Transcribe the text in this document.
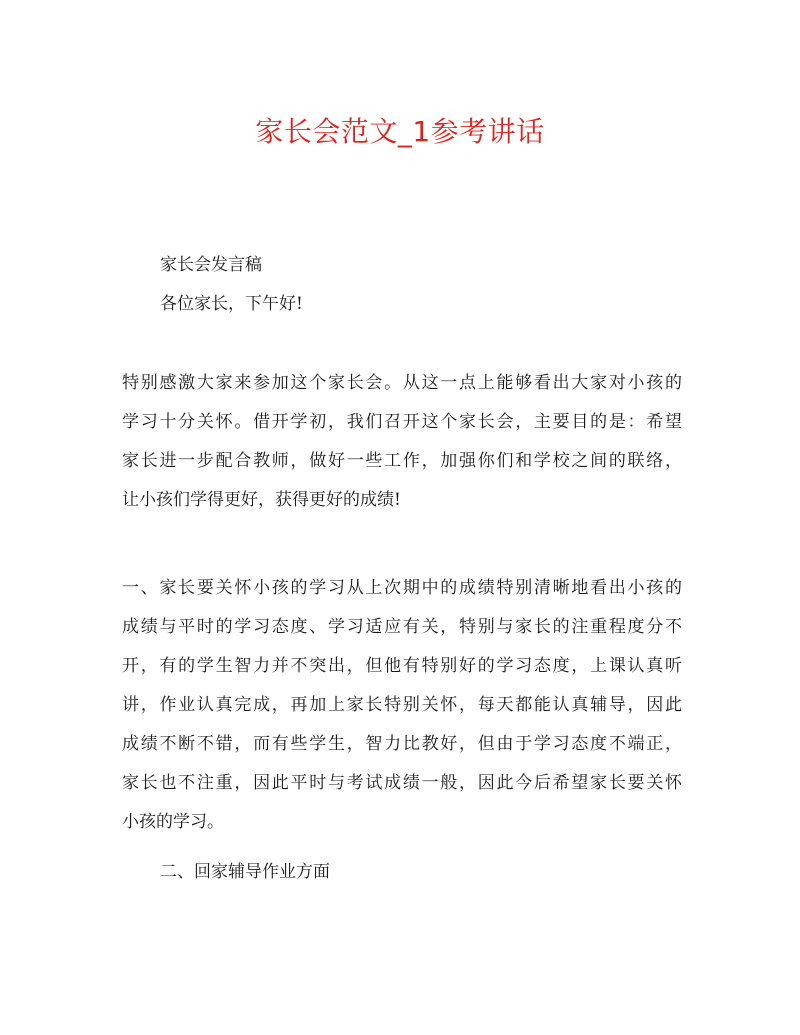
家长会范文_1参考讲话
家长会发言稿
各位家长，下午好!
特别感激大家来参加这个家长会。从这一点上能够看出大家对小孩的
学习十分关怀。借开学初，我们召开这个家长会，主要目的是：希望
家长进一步配合教师，做好一些工作，加强你们和学校之间的联络，
让小孩们学得更好，获得更好的成绩!
一、家长要关怀小孩的学习从上次期中的成绩特别清晰地看出小孩的
成绩与平时的学习态度、学习适应有关，特别与家长的注重程度分不
开，有的学生智力并不突出，但他有特别好的学习态度，上课认真听
讲，作业认真完成，再加上家长特别关怀，每天都能认真辅导，因此
成绩不断不错，而有些学生，智力比教好，但由于学习态度不端正，
家长也不注重，因此平时与考试成绩一般，因此今后希望家长要关怀
小孩的学习。
二、回家辅导作业方面
